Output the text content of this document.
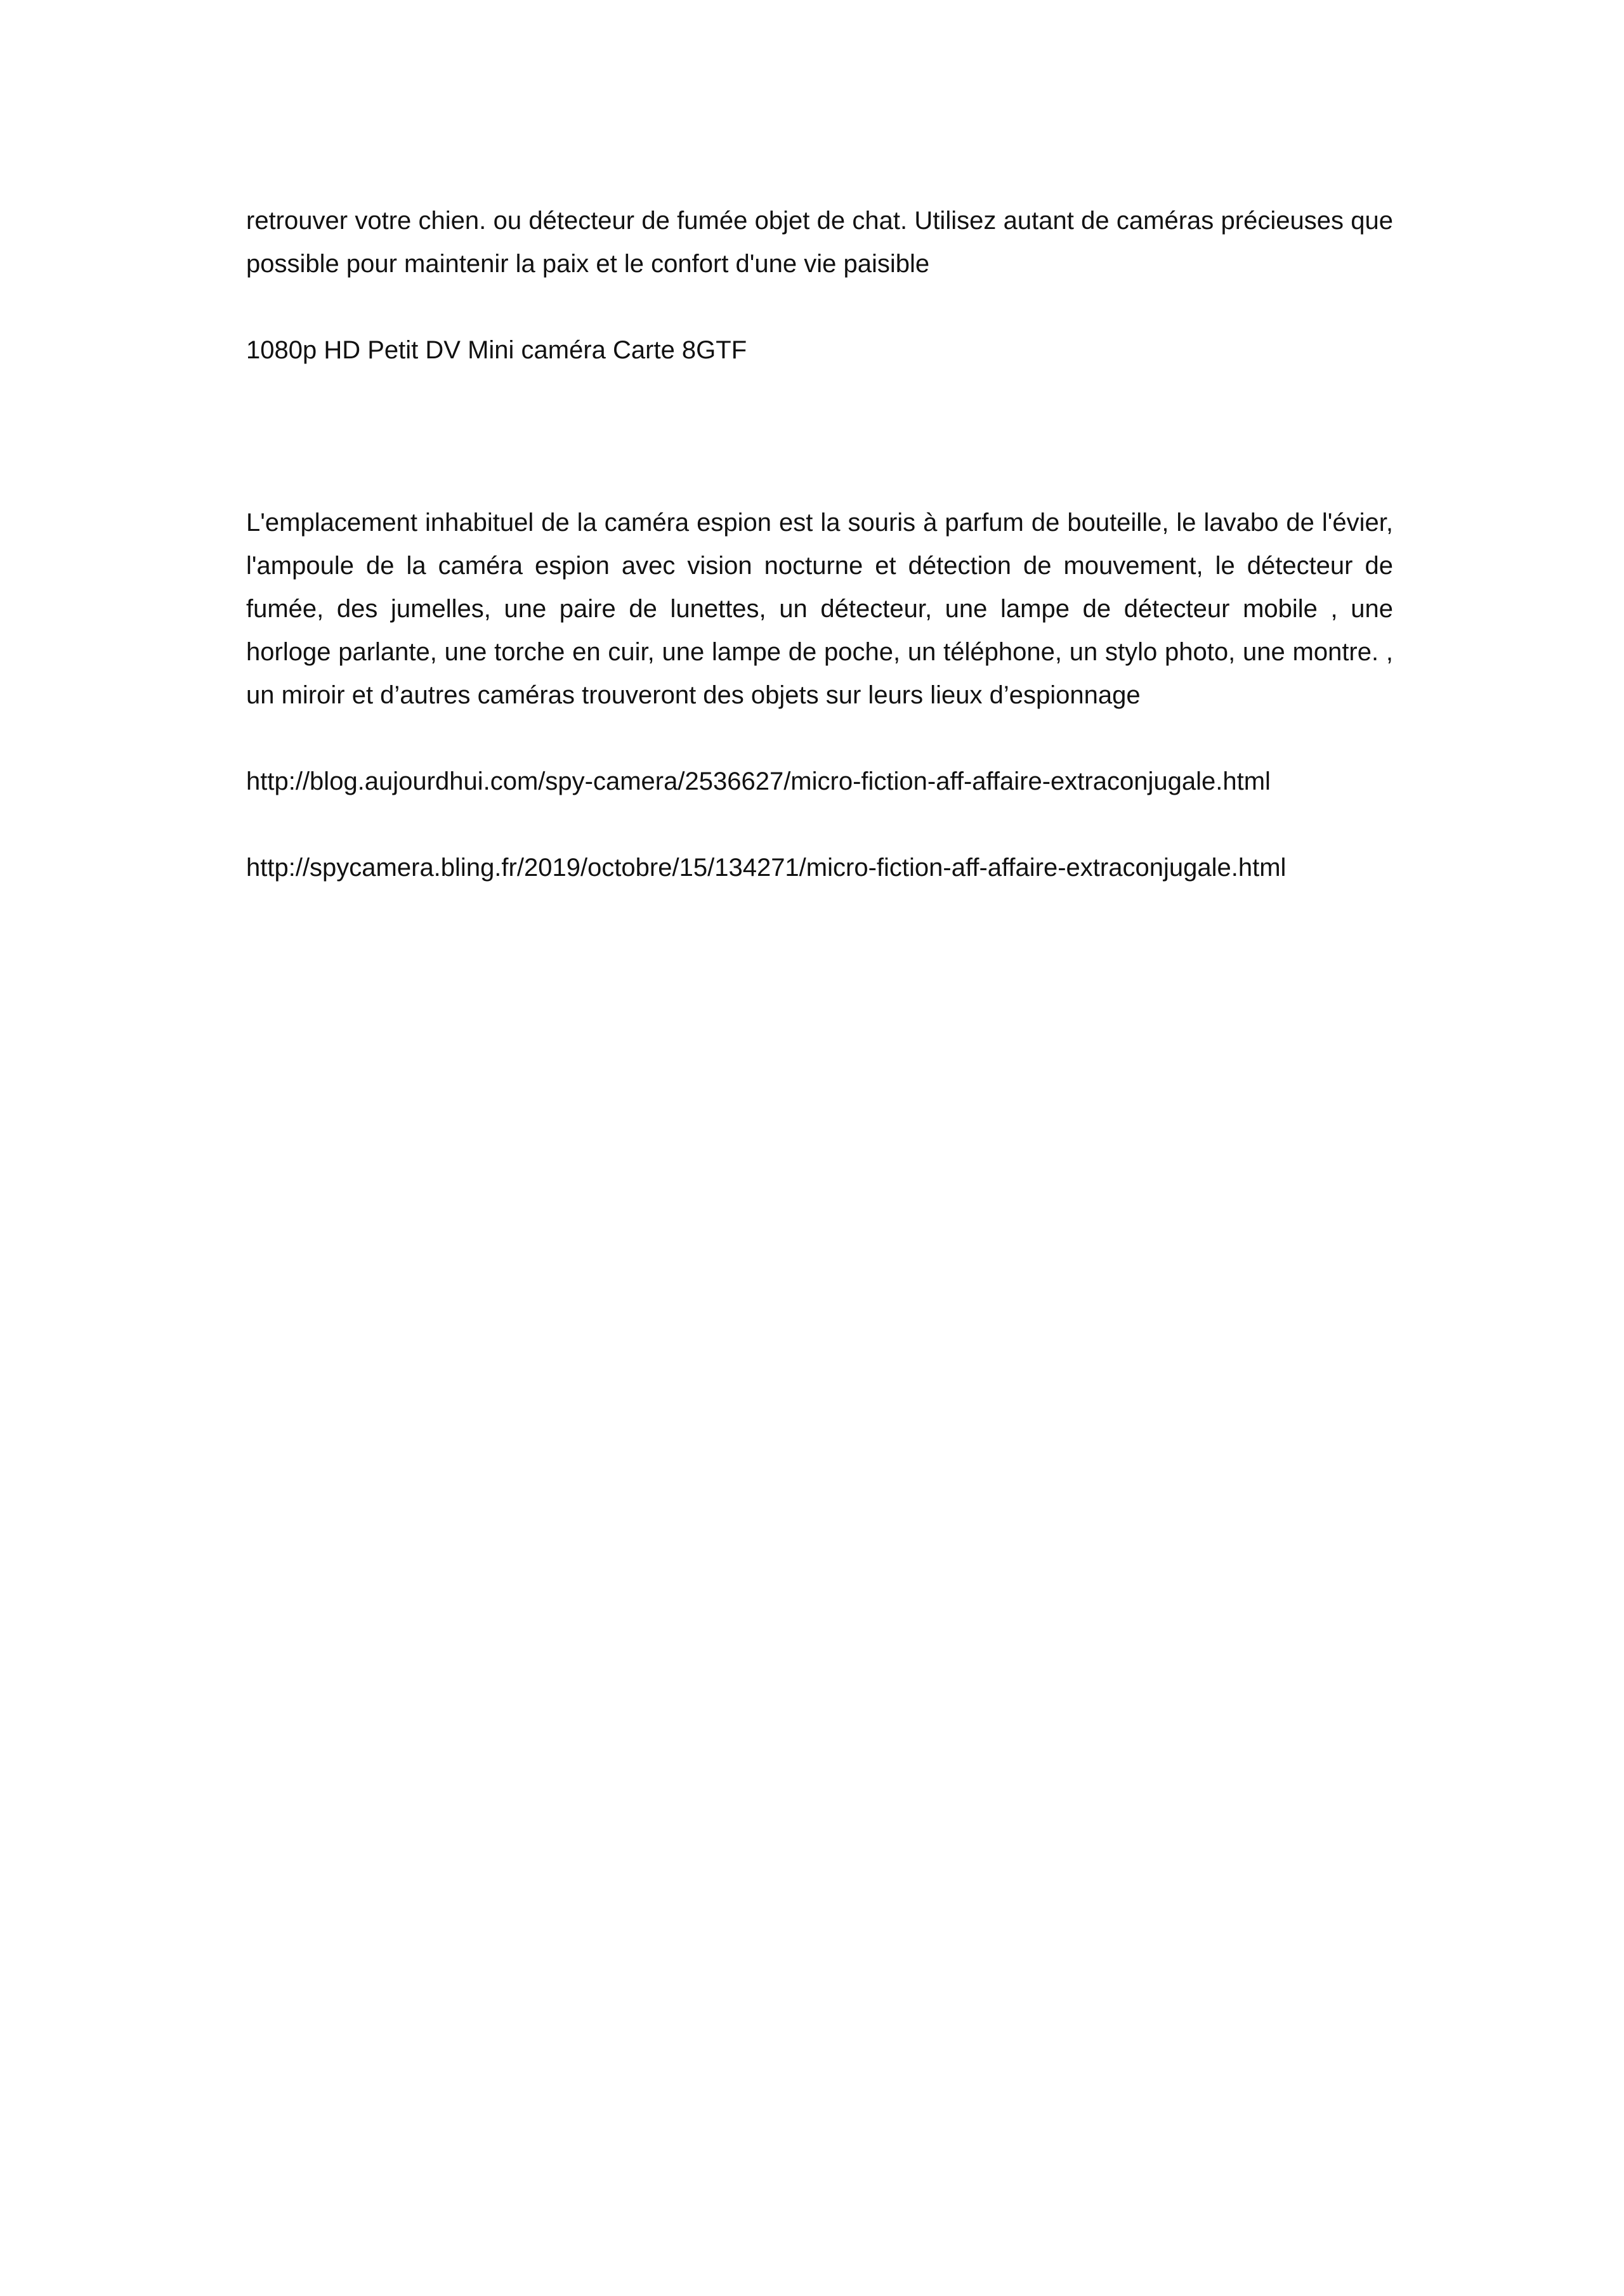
retrouver votre chien. ou détecteur de fumée objet de chat. Utilisez autant de caméras précieuses que possible pour maintenir la paix et le confort d'une vie paisible

1080p HD Petit DV Mini caméra Carte 8GTF

L'emplacement inhabituel de la caméra espion est la souris à parfum de bouteille, le lavabo de l'évier, l'ampoule de la caméra espion avec vision nocturne et détection de mouvement, le détecteur de fumée, des jumelles, une paire de lunettes, un détecteur, une lampe de détecteur mobile , une horloge parlante, une torche en cuir, une lampe de poche, un téléphone, un stylo photo, une montre. , un miroir et d’autres caméras trouveront des objets sur leurs lieux d’espionnage

http://blog.aujourdhui.com/spy-camera/2536627/micro-fiction-aff-affaire-extraconjugale.html

http://spycamera.bling.fr/2019/octobre/15/134271/micro-fiction-aff-affaire-extraconjugale.html
